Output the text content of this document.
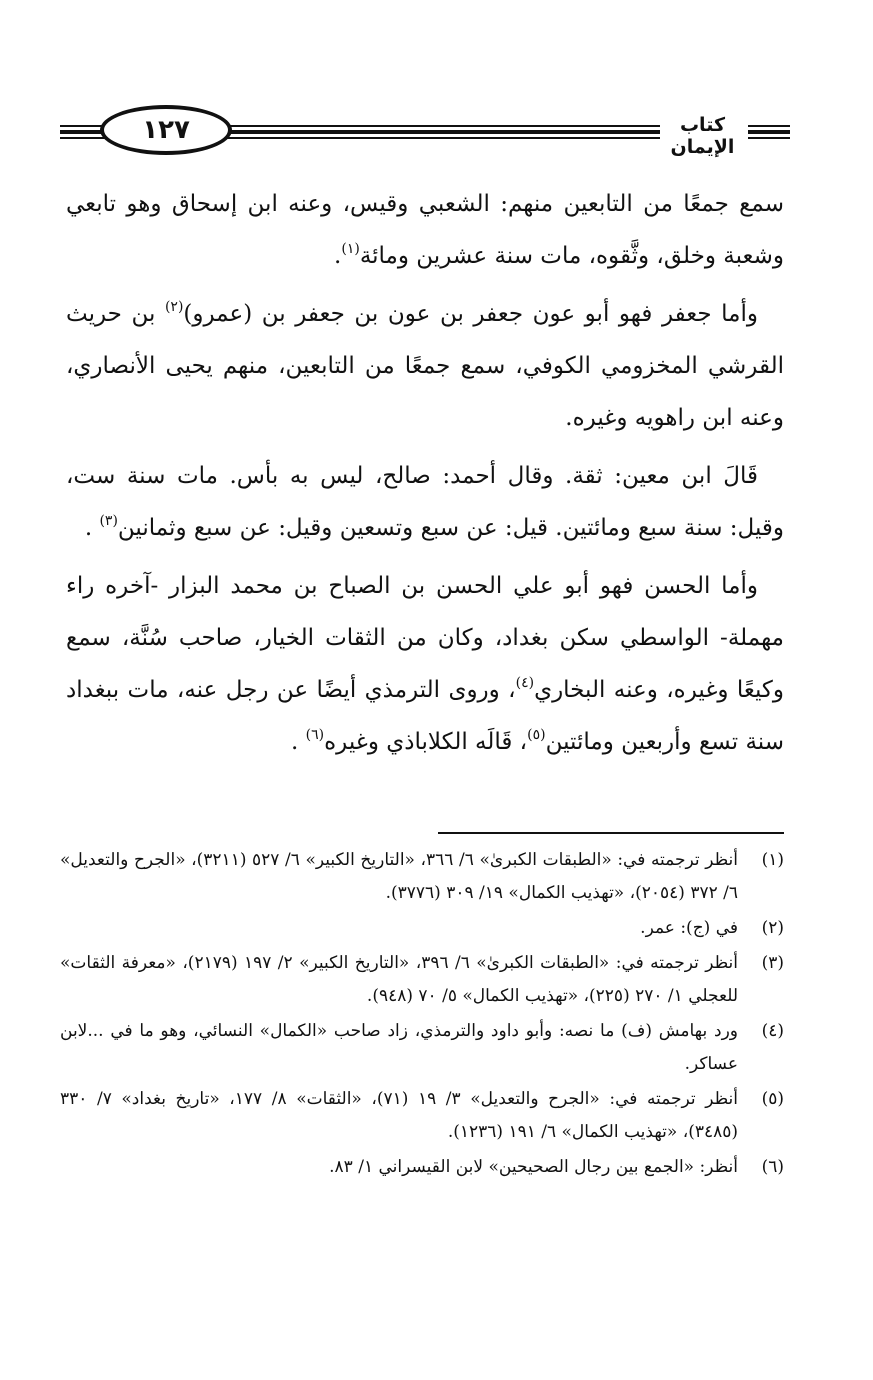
١٢٧	كتاب الإيمان

سمع جمعًا من التابعين منهم: الشعبي وقيس، وعنه ابن إسحاق وهو تابعي وشعبة وخلق، وثَّقوه، مات سنة عشرين ومائة$^{(١)}$.

وأما جعفر فهو أبو عون جعفر بن عون بن جعفر بن (عمرو)$^{(٢)}$ بن حريث القرشي المخزومي الكوفي، سمع جمعًا من التابعين، منهم يحيى الأنصاري، وعنه ابن راهويه وغيره.

قَالَ ابن معين: ثقة. وقال أحمد: صالح، ليس به بأس. مات سنة ست، وقيل: سنة سبع ومائتين. قيل: عن سبع وتسعين وقيل: عن سبع وثمانين$^{(٣)}$ .

وأما الحسن فهو أبو علي الحسن بن الصباح بن محمد البزار -آخره راء مهملة- الواسطي سكن بغداد، وكان من الثقات الخيار، صاحب سُنَّة، سمع وكيعًا وغيره، وعنه البخاري$^{(٤)}$، وروى الترمذي أيضًا عن رجل عنه، مات ببغداد سنة تسع وأربعين ومائتين$^{(٥)}$، قَالَه الكلاباذي وغيره$^{(٦)}$ .

(١)
أنظر ترجمته في: «الطبقات الكبرىٰ» ٦/ ٣٦٦، «التاريخ الكبير» ٦/ ٥٢٧ (٣٢١١)، «الجرح والتعديل» ٦/ ٣٧٢ (٢٠٥٤)، «تهذيب الكمال» ١٩/ ٣٠٩ (٣٧٧٦).
(٢)
في (ج): عمر.
(٣)
أنظر ترجمته في: «الطبقات الكبرىٰ» ٦/ ٣٩٦، «التاريخ الكبير» ٢/ ١٩٧ (٢١٧٩)، «معرفة الثقات» للعجلي ١/ ٢٧٠ (٢٢٥)، «تهذيب الكمال» ٥/ ٧٠ (٩٤٨).
(٤)
ورد بهامش (ف) ما نصه: وأبو داود والترمذي، زاد صاحب «الكمال» النسائي، وهو ما في ...لابن عساكر.
(٥)
أنظر ترجمته في: «الجرح والتعديل» ٣/ ١٩ (٧١)، «الثقات» ٨/ ١٧٧، «تاريخ بغداد» ٧/ ٣٣٠ (٣٤٨٥)، «تهذيب الكمال» ٦/ ١٩١ (١٢٣٦).
(٦)
أنظر: «الجمع بين رجال الصحيحين» لابن القيسراني ١/ ٨٣.
